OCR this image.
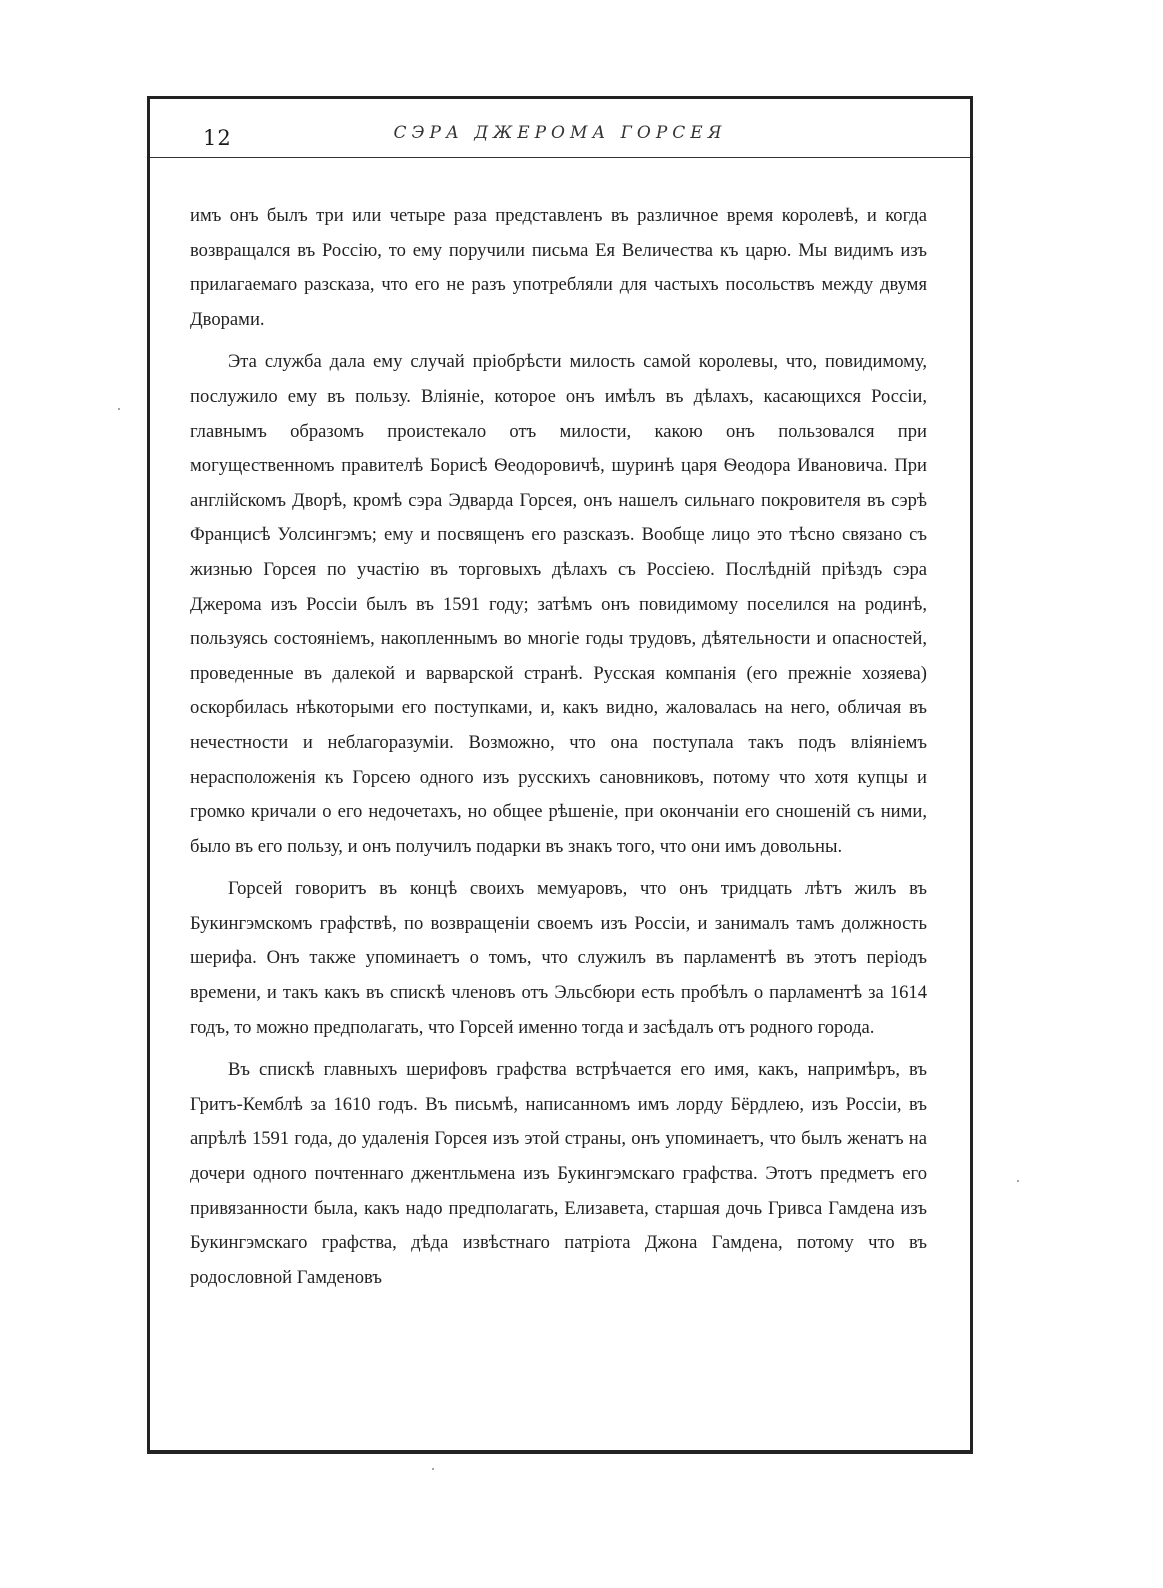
12	СЭРА ДЖЕРОМА ГОРСЕЯ

имъ онъ былъ три или четыре раза представленъ въ различное время королевѣ, и когда возвращался въ Россію, то ему поручили письма Ея Величества къ царю. Мы видимъ изъ прилагаемаго разсказа, что его не разъ употребляли для частыхъ посольствъ между двумя Дворами.

Эта служба дала ему случай пріобрѣсти милость самой королевы, что, повидимому, послужило ему въ пользу. Вліяніе, которое онъ имѣлъ въ дѣлахъ, касающихся Россіи, главнымъ образомъ проистекало отъ милости, какою онъ пользовался при могущественномъ правителѣ Борисѣ Ѳеодоровичѣ, шуринѣ царя Ѳеодора Ивановича. При англійскомъ Дворѣ, кромѣ сэра Эдварда Горсея, онъ нашелъ сильнаго покровителя въ сэрѣ Францисѣ Уолсингэмъ; ему и посвященъ его разсказъ. Вообще лицо это тѣсно связано съ жизнью Горсея по участію въ торговыхъ дѣлахъ съ Россіею. Послѣдній пріѣздъ сэра Джерома изъ Россіи былъ въ 1591 году; затѣмъ онъ повидимому поселился на родинѣ, пользуясь состояніемъ, накопленнымъ во многіе годы трудовъ, дѣятельности и опасностей, проведенные въ далекой и варварской странѣ. Русская компанія (его прежніе хозяева) оскорбилась нѣкоторыми его поступками, и, какъ видно, жаловалась на него, обличая въ нечестности и неблагоразуміи. Возможно, что она поступала такъ подъ вліяніемъ нерасположенія къ Горсею одного изъ русскихъ сановниковъ, потому что хотя купцы и громко кричали о его недочетахъ, но общее рѣшеніе, при окончаніи его сношеній съ ними, было въ его пользу, и онъ получилъ подарки въ знакъ того, что они имъ довольны.

Горсей говоритъ въ концѣ своихъ мемуаровъ, что онъ тридцать лѣтъ жилъ въ Букингэмскомъ графствѣ, по возвращеніи своемъ изъ Россіи, и занималъ тамъ должность шерифа. Онъ также упоминаетъ о томъ, что служилъ въ парламентѣ въ этотъ періодъ времени, и такъ какъ въ спискѣ членовъ отъ Эльсбюри есть пробѣлъ о парламентѣ за 1614 годъ, то можно предполагать, что Горсей именно тогда и засѣдалъ отъ родного города.

Въ спискѣ главныхъ шерифовъ графства встрѣчается его имя, какъ, напримѣръ, въ Гритъ-Кемблѣ за 1610 годъ. Въ письмѣ, написанномъ имъ лорду Бёрдлею, изъ Россіи, въ апрѣлѣ 1591 года, до удаленія Горсея изъ этой страны, онъ упоминаетъ, что былъ женатъ на дочери одного почтеннаго джентльмена изъ Букингэмскаго графства. Этотъ предметъ его привязанности была, какъ надо предполагать, Елизавета, старшая дочь Гривса Гамдена изъ Букингэмскаго графства, дѣда извѣстнаго патріота Джона Гамдена, потому что въ родословной Гамденовъ
